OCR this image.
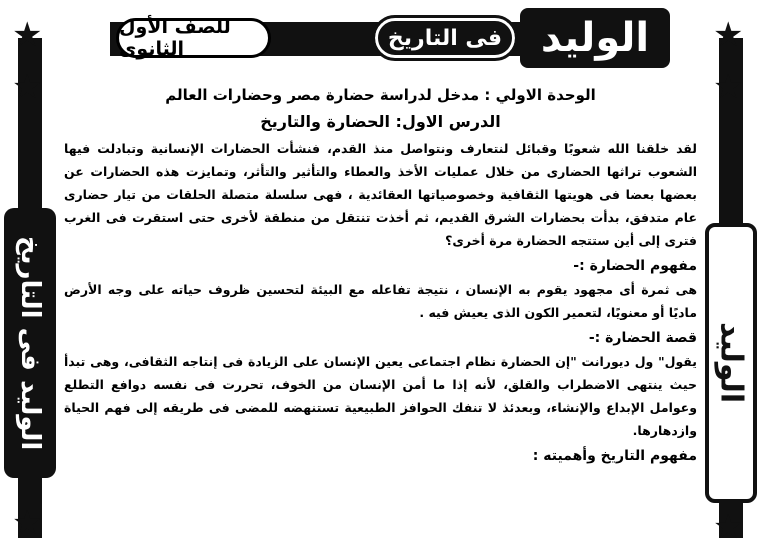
الوليد
فى التاريخ
للصف الأول الثانوى
★
★
الوليد فى التاريخ
★
★
★
الوليد
★
الوحدة الاولي : مدخل لدراسة حضارة مصر وحضارات العالم
الدرس الاول: الحضارة والتاريخ

لقد خلقنا الله شعوبًا وقبائل لنتعارف ونتواصل منذ القدم، فنشأت الحضارات الإنسانية وتبادلت فيها الشعوب تراثها الحضارى من خلال عمليات الأخذ والعطاء والتأثير والتأثر، وتمايزت هذه الحضارات عن بعضها بعضا فى هويتها الثقافية وخصوصياتها العقائدية ، فهى سلسلة متصلة الحلقات من تيار حضارى عام متدفق، بدأت بحضارات الشرق القديم، ثم أخذت تنتقل من منطقة لأخرى حتى استقرت فى الغرب فترى إلى أين ستتجه الحضارة مرة أخرى؟

مفهوم الحضارة :-

هى ثمرة أى مجهود يقوم به الإنسان ، نتيجة تفاعله مع البيئة لتحسين ظروف حياته على وجه الأرض ماديًا أو معنويًا، لتعمير الكون الذى يعيش فيه .

قصة الحضارة :-

يقول" ول ديورانت "إن الحضارة نظام اجتماعى يعين الإنسان على الزيادة فى إنتاجه الثقافى، وهى تبدأ حيث ينتهى الاضطراب والقلق، لأنه إذا ما أمن الإنسان من الخوف، تحررت فى نفسه دوافع التطلع وعوامل الإبداع والإنشاء، وبعدئذ لا تنفك الحوافز الطبيعية تستنهضه للمضى فى طريقه إلى فهم الحياة وازدهارها.

مفهوم التاريخ وأهميته :
